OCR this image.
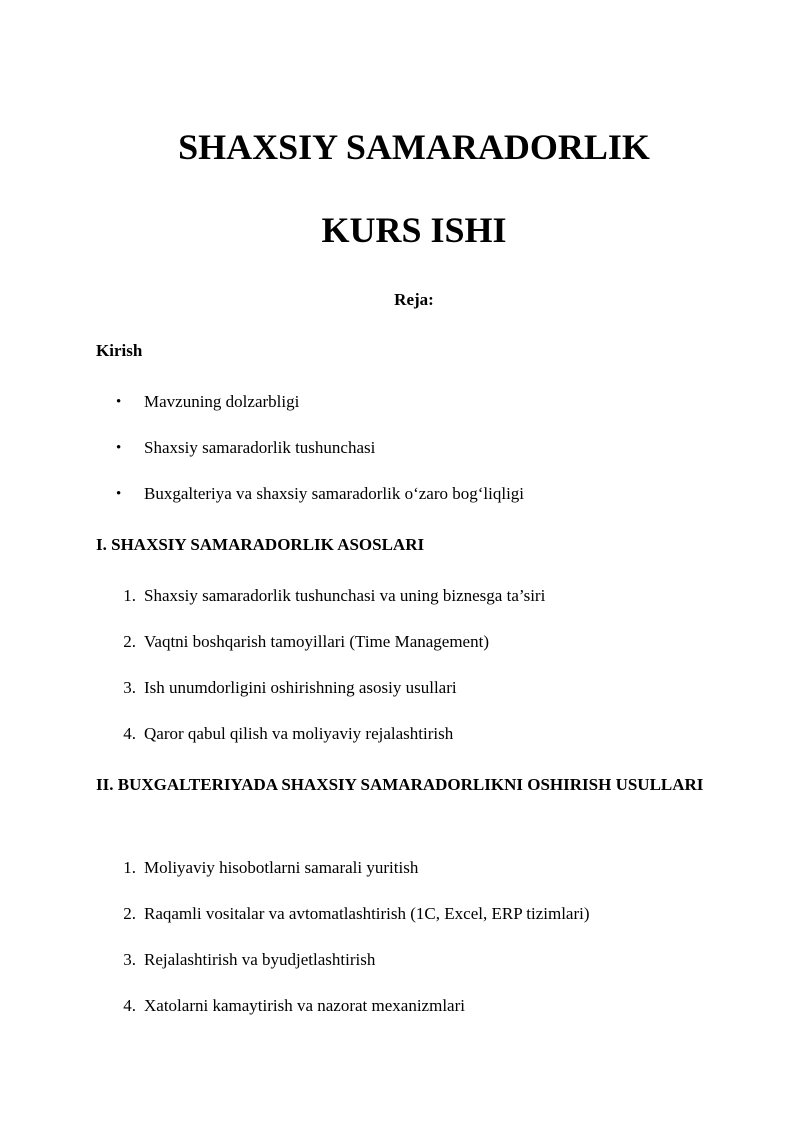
SHAXSIY SAMARADORLIK
KURS ISHI

Reja:

Kirish
• Mavzuning dolzarbligi
• Shaxsiy samaradorlik tushunchasi
• Buxgalteriya va shaxsiy samaradorlik o‘zaro bog‘liqligi
I. SHAXSIY SAMARADORLIK ASOSLARI
1. Shaxsiy samaradorlik tushunchasi va uning biznesga ta’siri
2. Vaqtni boshqarish tamoyillari (Time Management)
3. Ish unumdorligini oshirishning asosiy usullari
4. Qaror qabul qilish va moliyaviy rejalashtirish
II. BUXGALTERIYADA SHAXSIY SAMARADORLIKNI OSHIRISH USULLARI
1. Moliyaviy hisobotlarni samarali yuritish
2. Raqamli vositalar va avtomatlashtirish (1C, Excel, ERP tizimlari)
3. Rejalashtirish va byudjetlashtirish
4. Xatolarni kamaytirish va nazorat mexanizmlari
